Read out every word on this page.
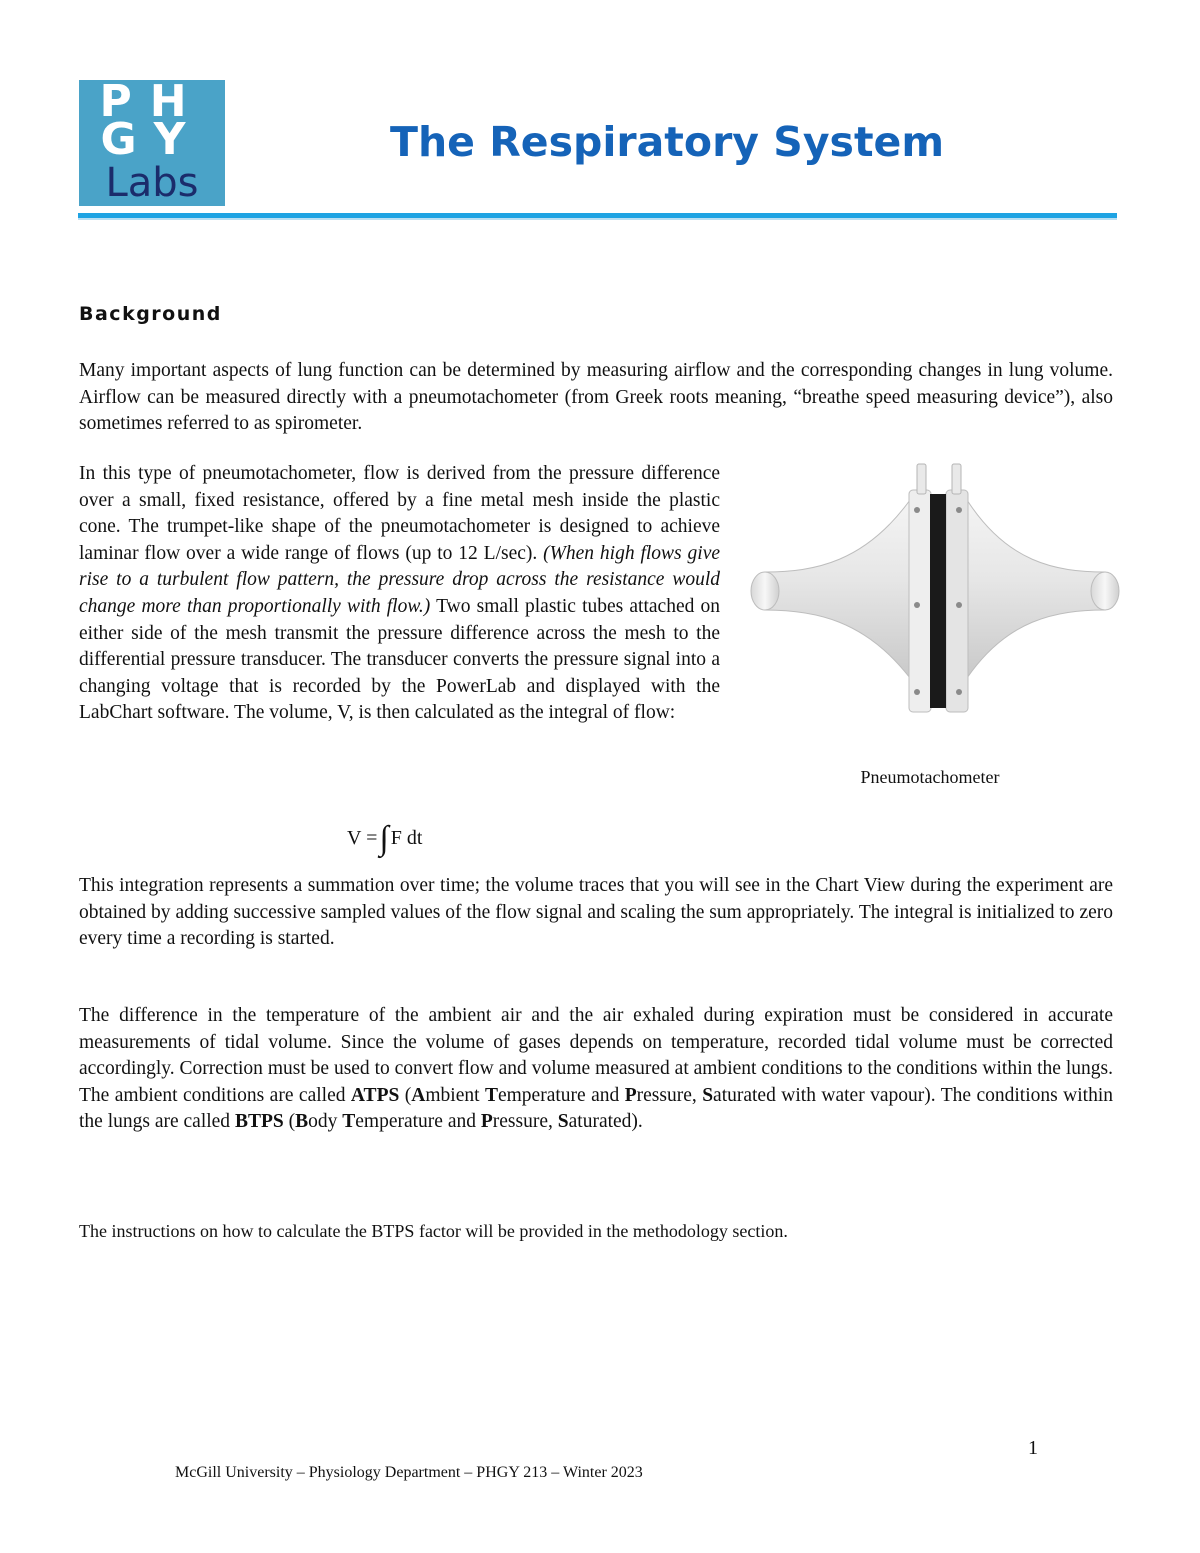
PH
GY
Labs
The Respiratory System
Background

Many important aspects of lung function can be determined by measuring airflow and the corresponding changes in lung volume. Airflow can be measured directly with a pneumotachometer (from Greek roots meaning, “breathe speed measuring device”), also sometimes referred to as spirometer.

In this type of pneumotachometer, flow is derived from the pressure difference over a small, fixed resistance, offered by a fine metal mesh inside the plastic cone. The trumpet-like shape of the pneumotachometer is designed to achieve laminar flow over a wide range of flows (up to 12 L/sec). (When high flows give rise to a turbulent flow pattern, the pressure drop across the resistance would change more than proportionally with flow.) Two small plastic tubes attached on either side of the mesh transmit the pressure difference across the mesh to the differential pressure transducer. The transducer converts the pressure signal into a changing voltage that is recorded by the PowerLab and displayed with the LabChart software. The volume, V, is then calculated as the integral of flow:

Pneumotachometer
V =∫ F dt

This integration represents a summation over time; the volume traces that you will see in the Chart View during the experiment are obtained by adding successive sampled values of the flow signal and scaling the sum appropriately. The integral is initialized to zero every time a recording is started.

The difference in the temperature of the ambient air and the air exhaled during expiration must be considered in accurate measurements of tidal volume. Since the volume of gases depends on temperature, recorded tidal volume must be corrected accordingly. Correction must be used to convert flow and volume measured at ambient conditions to the conditions within the lungs. The ambient conditions are called ATPS (Ambient Temperature and Pressure, Saturated with water vapour). The conditions within the lungs are called BTPS (Body Temperature and Pressure, Saturated).

The instructions on how to calculate the BTPS factor will be provided in the methodology section.

1
McGill University – Physiology Department – PHGY 213 – Winter 2023
